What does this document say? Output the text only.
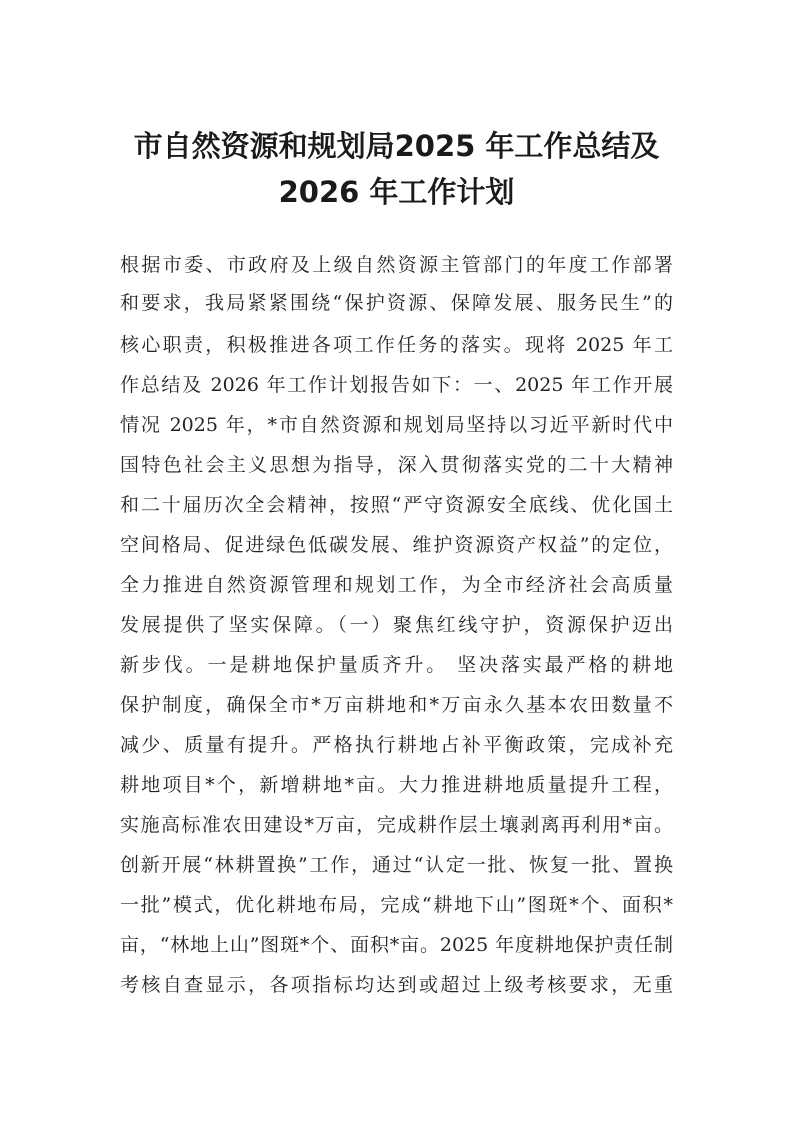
市自然资源和规划局2025 年工作总结及
2026 年工作计划
根据市委、市政府及上级自然资源主管部门的年度工作部署
和要求，我局紧紧围绕“保护资源、保障发展、服务民生”的
核心职责，积极推进各项工作任务的落实。现将 2025 年工
作总结及 2026 年工作计划报告如下：一、2025 年工作开展
情况 2025 年，*市自然资源和规划局坚持以习近平新时代中
国特色社会主义思想为指导，深入贯彻落实党的二十大精神
和二十届历次全会精神，按照“严守资源安全底线、优化国土
空间格局、促进绿色低碳发展、维护资源资产权益”的定位，
全力推进自然资源管理和规划工作，为全市经济社会高质量
发展提供了坚实保障。（一）聚焦红线守护，资源保护迈出
新步伐。一是耕地保护量质齐升。 坚决落实最严格的耕地
保护制度，确保全市*万亩耕地和*万亩永久基本农田数量不
减少、质量有提升。严格执行耕地占补平衡政策，完成补充
耕地项目*个，新增耕地*亩。大力推进耕地质量提升工程，
实施高标准农田建设*万亩，完成耕作层土壤剥离再利用*亩。
创新开展“林耕置换”工作，通过“认定一批、恢复一批、置换
一批”模式，优化耕地布局，完成“耕地下山”图斑*个、面积*
亩，“林地上山”图斑*个、面积*亩。2025 年度耕地保护责任制
考核自查显示，各项指标均达到或超过上级考核要求，无重
